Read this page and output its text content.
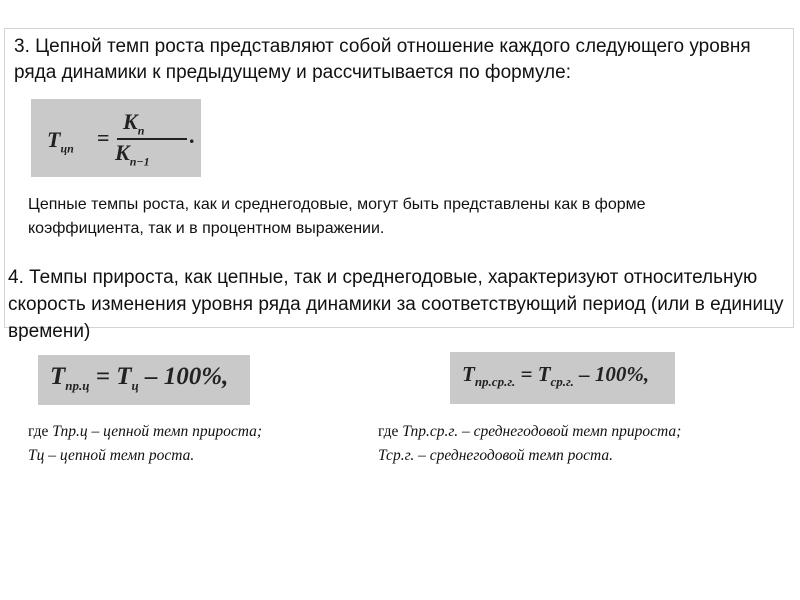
3. Цепной темп роста представляют собой отношение каждого следующего уровня ряда динамики к предыдущему и рассчитывается по формуле:

$T_{цп}$ =
$K_n$
$K_{n-1}$
.

Цепные темпы роста, как и среднегодовые, могут быть представлены как в форме коэффициента, так и в процентном выражении.

4. Темпы прироста, как цепные, так и среднегодовые, характеризуют относительную скорость изменения уровня ряда динамики за соответствующий период (или в единицу времени)

$T_{пр.ц} = T_ц - 100\%$,	$T_{пр.ср.г.} = T_{ср.г.} - 100\%$,

где Тпр.ц – цепной темп прироста;
Тц – цепной темп роста.

где Тпр.ср.г. – среднегодовой темп прироста;
Тср.г. – среднегодовой темп роста.
